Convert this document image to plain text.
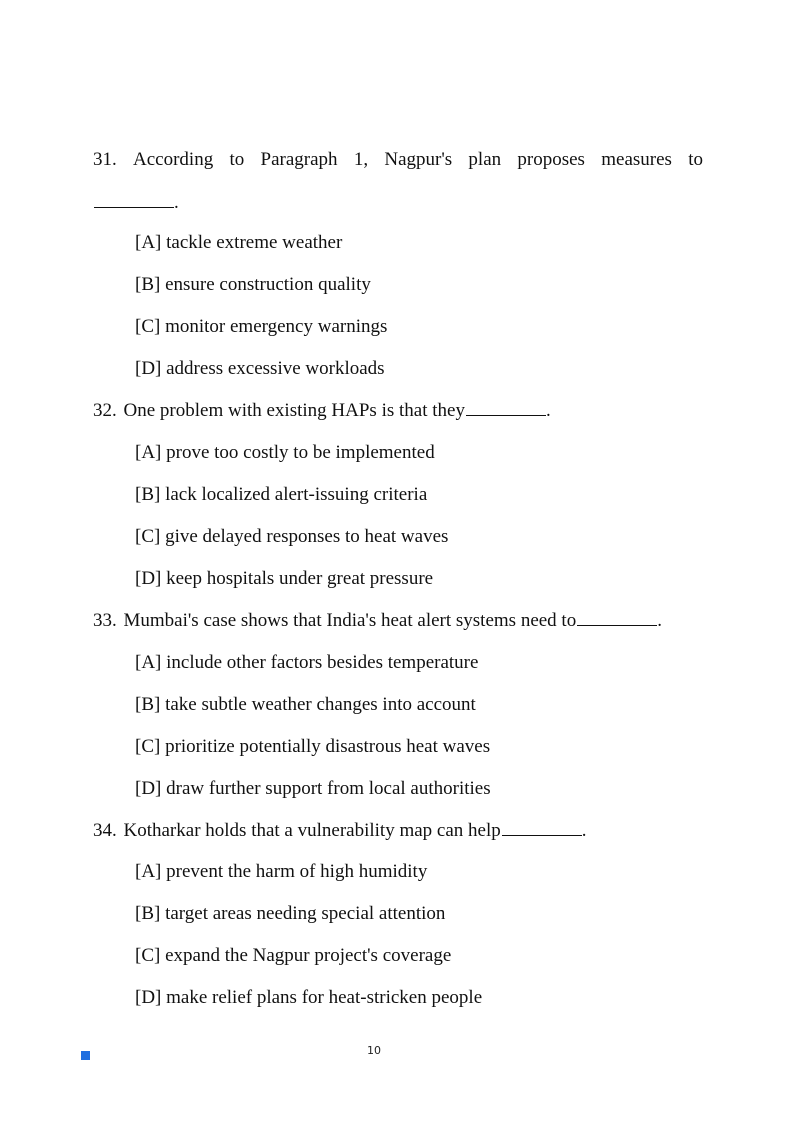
31. According to Paragraph 1, Nagpur's plan proposes measures to
.
[A] tackle extreme weather
[B] ensure construction quality
[C] monitor emergency warnings
[D] address excessive workloads
32. One problem with existing HAPs is that they	.
[A] prove too costly to be implemented
[B] lack localized alert-issuing criteria
[C] give delayed responses to heat waves
[D] keep hospitals under great pressure
33. Mumbai's case shows that India's heat alert systems need to	.
[A] include other factors besides temperature
[B] take subtle weather changes into account
[C] prioritize potentially disastrous heat waves
[D] draw further support from local authorities
34. Kotharkar holds that a vulnerability map can help	.
[A] prevent the harm of high humidity
[B] target areas needing special attention
[C] expand the Nagpur project's coverage
[D] make relief plans for heat-stricken people
10
